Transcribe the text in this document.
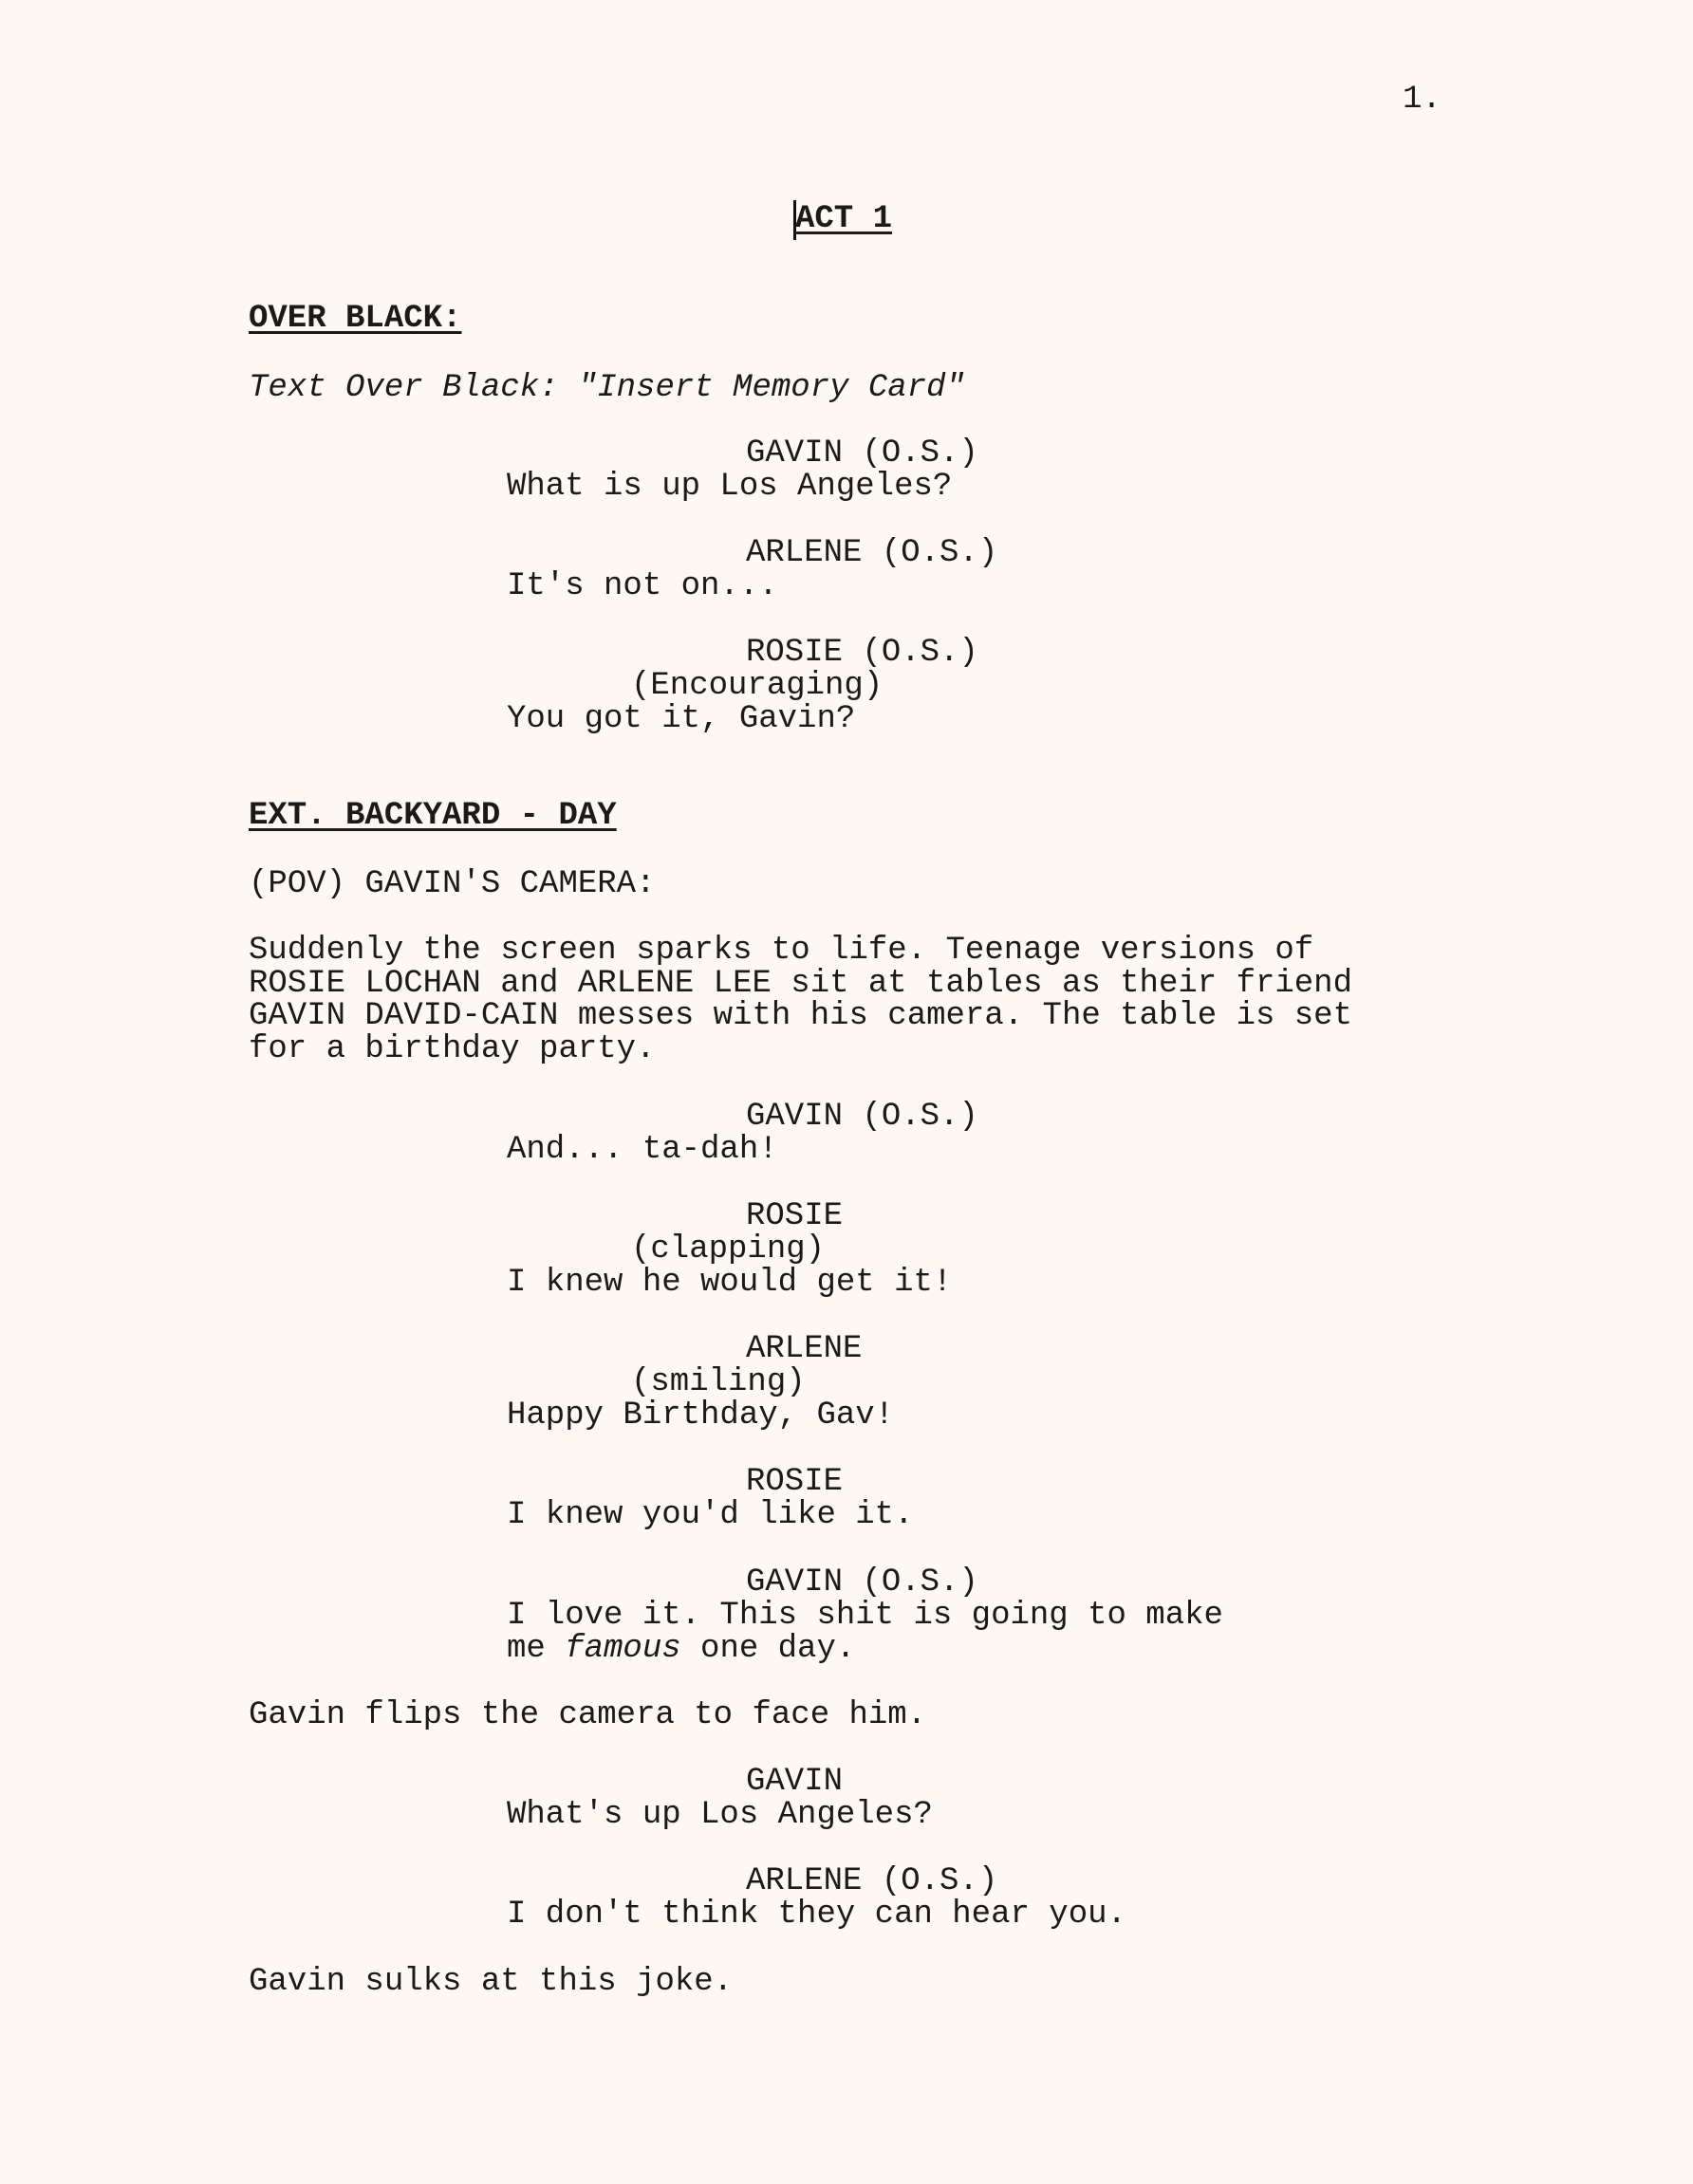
1.
ACT 1
OVER BLACK:
Text Over Black: "Insert Memory Card"
GAVIN (O.S.)
What is up Los Angeles?
ARLENE (O.S.)
It's not on...
ROSIE (O.S.)
(Encouraging)
You got it, Gavin?
EXT. BACKYARD - DAY
(POV) GAVIN'S CAMERA:
Suddenly the screen sparks to life. Teenage versions of
ROSIE LOCHAN and ARLENE LEE sit at tables as their friend
GAVIN DAVID-CAIN messes with his camera. The table is set
for a birthday party.
GAVIN (O.S.)
And... ta-dah!
ROSIE
(clapping)
I knew he would get it!
ARLENE
(smiling)
Happy Birthday, Gav!
ROSIE
I knew you'd like it.
GAVIN (O.S.)
I love it. This shit is going to make
me famous one day.
Gavin flips the camera to face him.
GAVIN
What's up Los Angeles?
ARLENE (O.S.)
I don't think they can hear you.
Gavin sulks at this joke.
